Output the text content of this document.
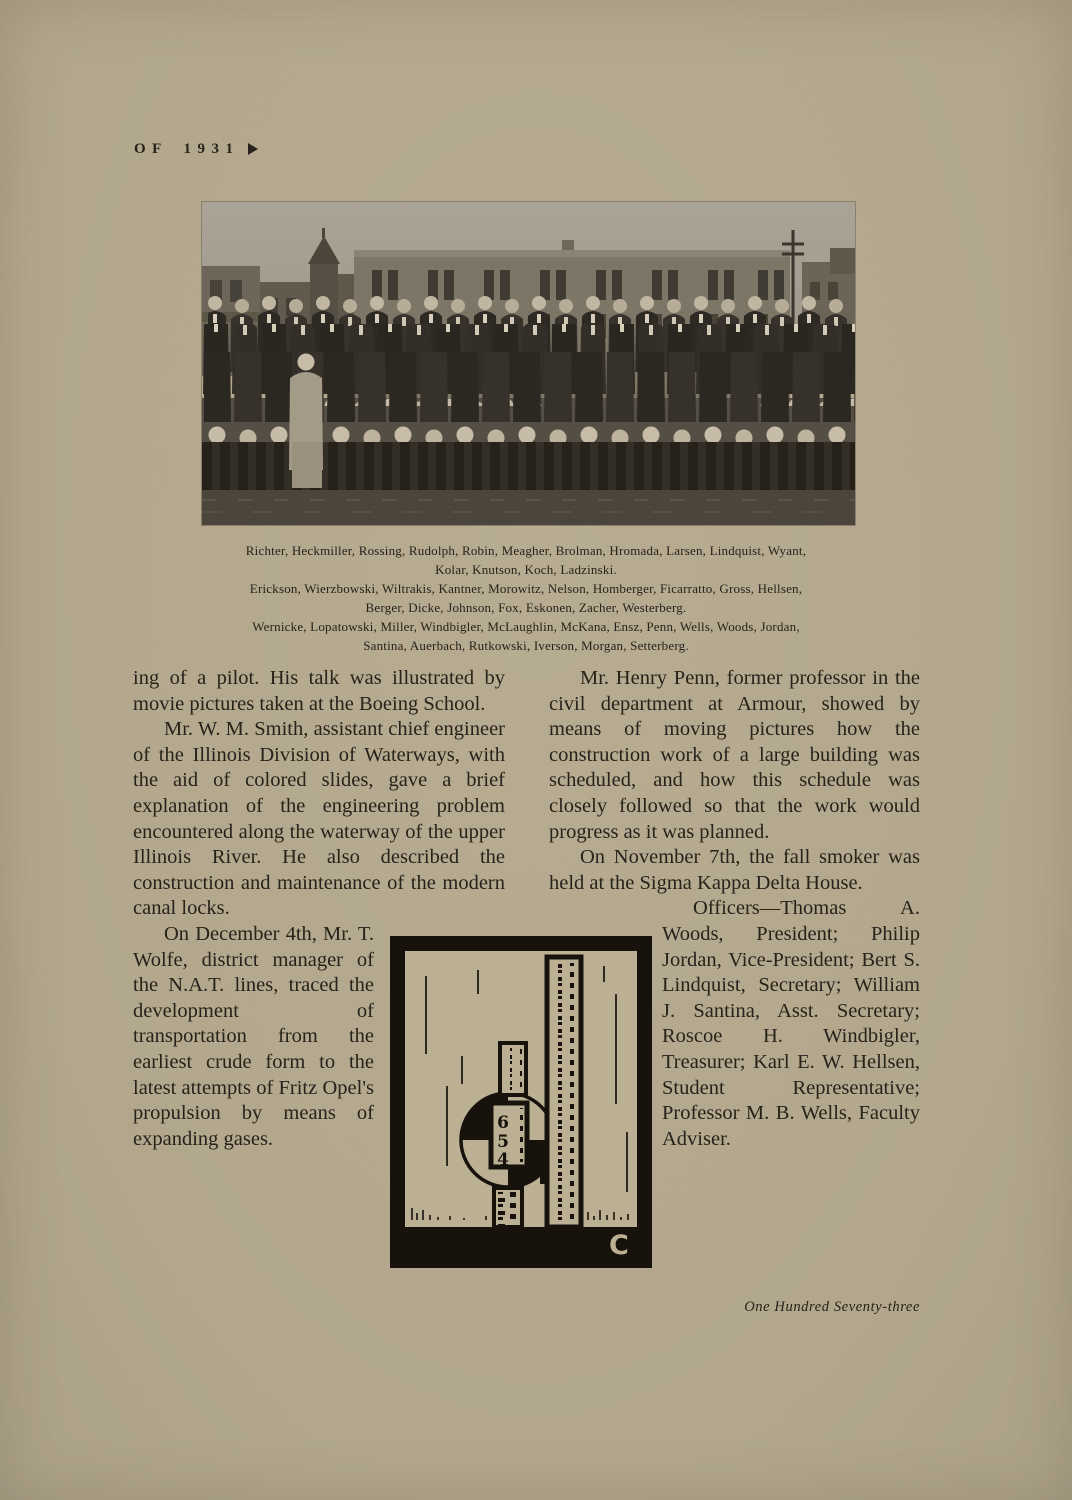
OF 1931
Richter, Heckmiller, Rossing, Rudolph, Robin, Meagher, Brolman, Hromada, Larsen, Lindquist, Wyant,
Kolar, Knutson, Koch, Ladzinski.
Erickson, Wierzbowski, Wiltrakis, Kantner, Morowitz, Nelson, Homberger, Ficarratto, Gross, Hellsen,
Berger, Dicke, Johnson, Fox, Eskonen, Zacher, Westerberg.
Wernicke, Lopatowski, Miller, Windbigler, McLaughlin, McKana, Ensz, Penn, Wells, Woods, Jordan,
Santina, Auerbach, Rutkowski, Iverson, Morgan, Setterberg.

ing of a pilot. His talk was illustrated by movie pictures taken at the Boeing School.

Mr. W. M. Smith, assistant chief engineer of the Illinois Division of Waterways, with the aid of colored slides, gave a brief explanation of the engineering problem encountered along the waterway of the upper Illinois River. He also described the construction and maintenance of the modern canal locks.

On December 4th, Mr. T. Wolfe, district manager of the N.A.T. lines, traced the development of transportation from the earliest crude form to the latest attempts of Fritz Opel's propulsion by means of expanding gases.

Mr. Henry Penn, former professor in the civil department at Armour, showed by means of moving pictures how the construction work of a large building was scheduled, and how this schedule was closely followed so that the work would progress as it was planned.

On November 7th, the fall smoker was held at the Sigma Kappa Delta House.

Officers—Thomas A. Woods, President; Philip Jordan, Vice-President; Bert S. Lindquist, Secretary; William J. Santina, Asst. Secretary; Roscoe H. Windbigler, Treasurer; Karl E. W. Hellsen, Student Representative; Professor M. B. Wells, Faculty Adviser.

6
5
4
C
One Hundred Seventy-three
